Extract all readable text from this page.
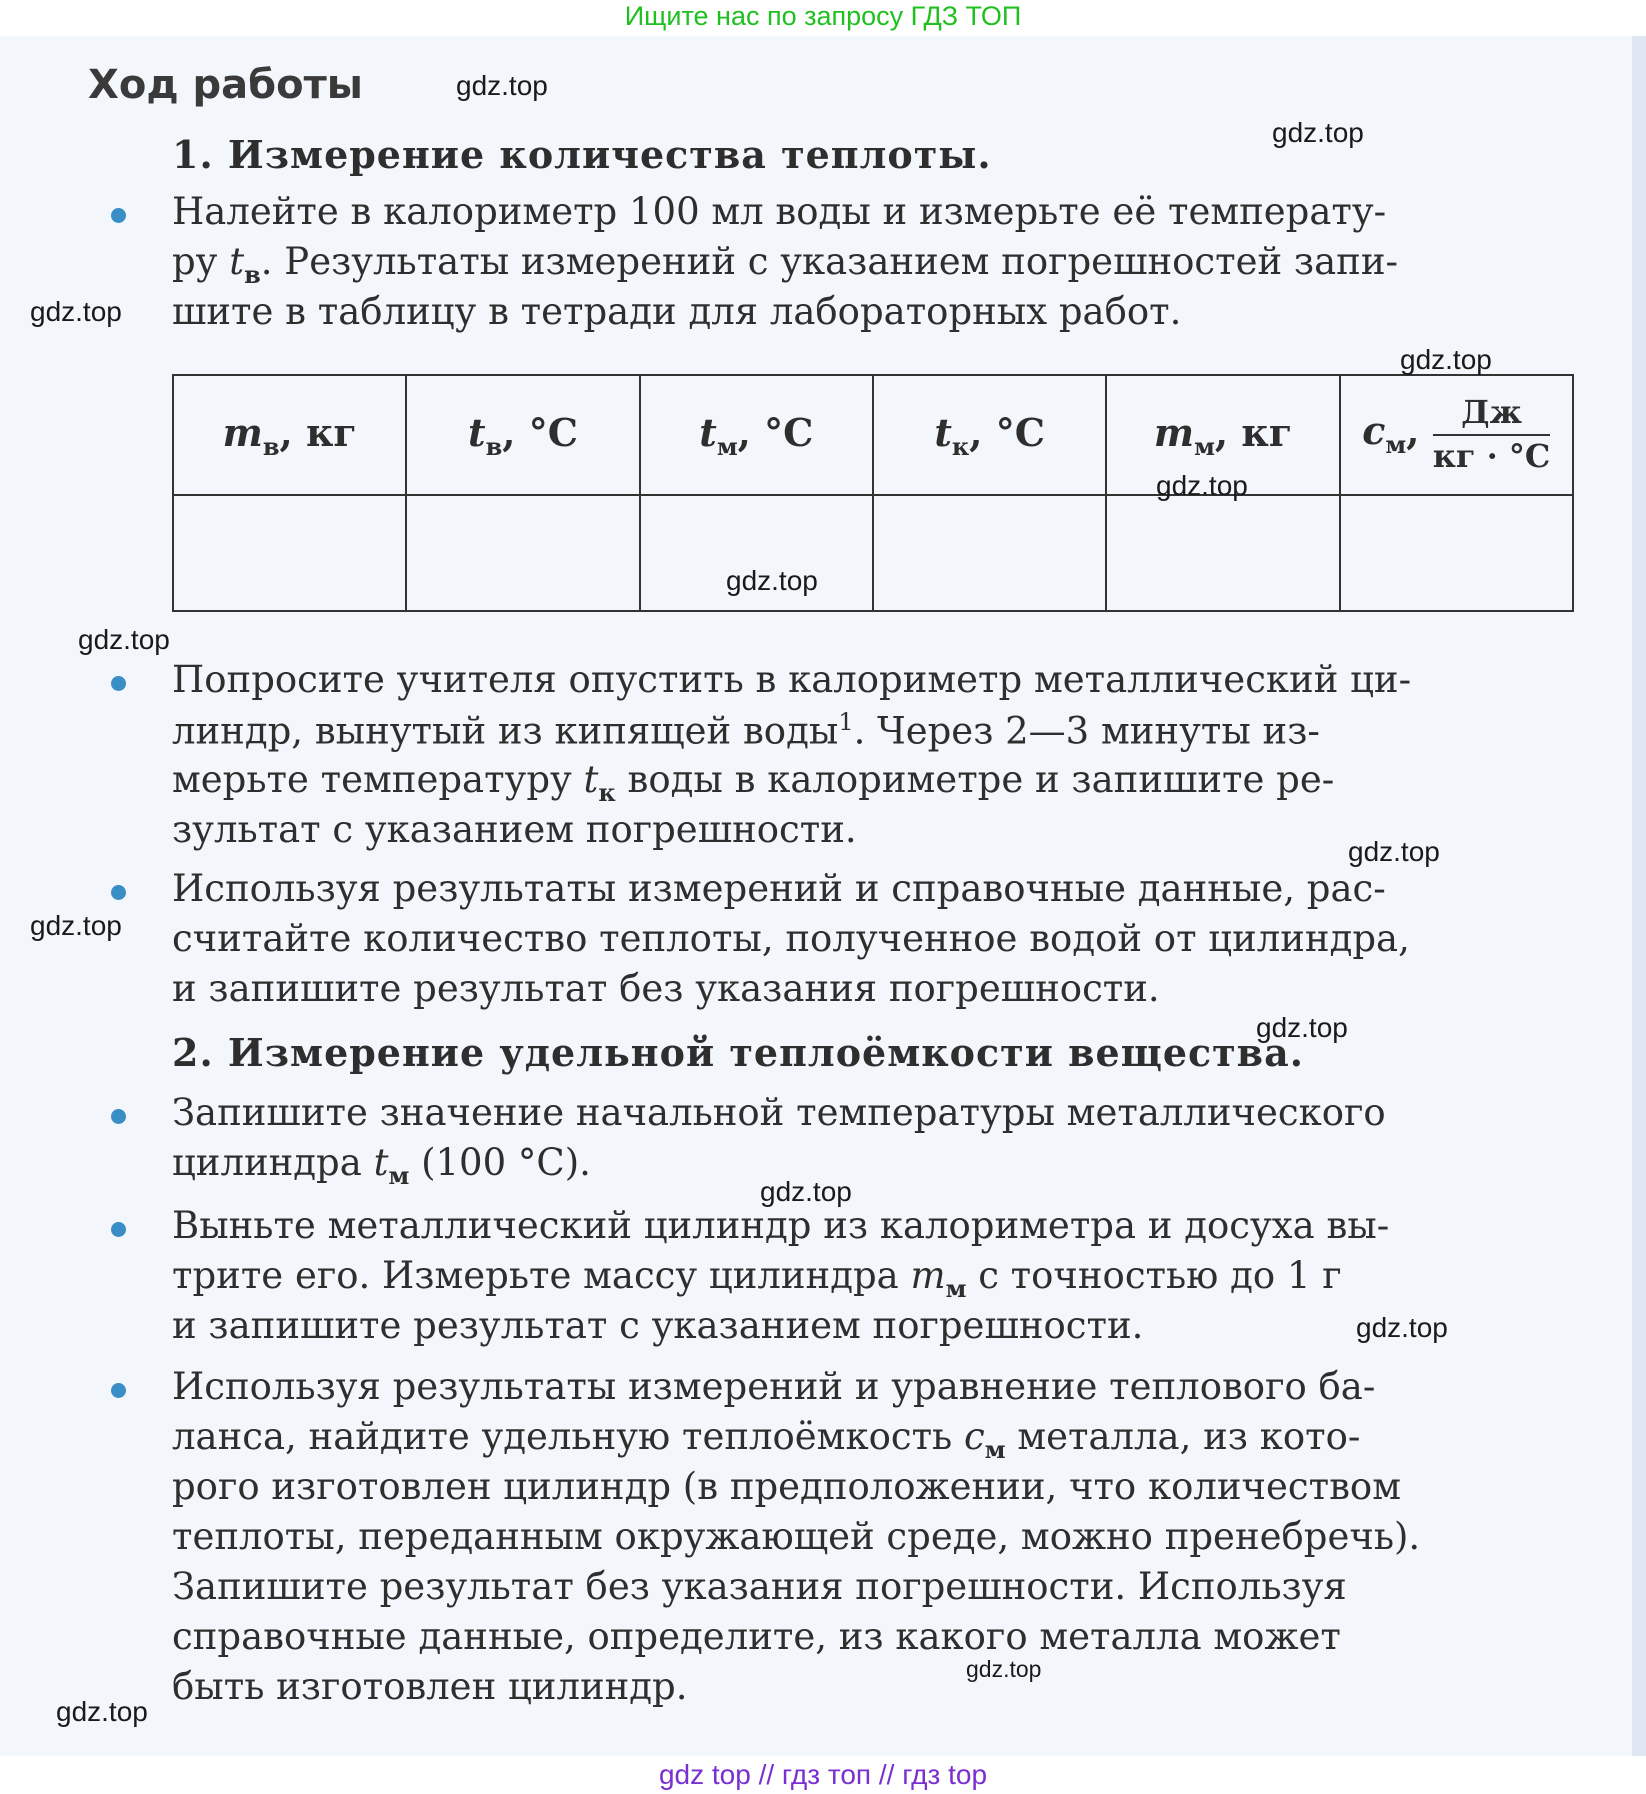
Ищите нас по запросу ГДЗ ТОП
Ход работы
1. Измерение количества теплоты.
Налейте в калориметр 100 мл воды и измерьте её температу-
ру $t_в$. Результаты измерений с указанием погрешностей запи-
шите в таблицу в тетради для лабораторных работ.
$m_в$, кг	$t_в$, °C	$t_м$, °C	$t_к$, °C	$m_м$, кг	$c_м$, $\frac{Дж}{кг \cdot ^\circ C}$

Попросите учителя опустить в калориметр металлический ци-
линдр, вынутый из кипящей воды$^1$. Через 2—3 минуты из-
мерьте температуру $t_к$ воды в калориметре и запишите ре-
зультат с указанием погрешности.
Используя результаты измерений и справочные данные, рас-
считайте количество теплоты, полученное водой от цилиндра,
и запишите результат без указания погрешности.
2. Измерение удельной теплоёмкости вещества.
Запишите значение начальной температуры металлического
цилиндра $t_м$ (100 °C).
Выньте металлический цилиндр из калориметра и досуха вы-
трите его. Измерьте массу цилиндра $m_м$ с точностью до 1 г
и запишите результат с указанием погрешности.
Используя результаты измерений и уравнение теплового ба-
ланса, найдите удельную теплоёмкость $c_м$ металла, из кото-
рого изготовлен цилиндр (в предположении, что количеством
теплоты, переданным окружающей среде, можно пренебречь).
Запишите результат без указания погрешности. Используя
справочные данные, определите, из какого металла может
быть изготовлен цилиндр.
gdz.top
gdz.top
gdz.top
gdz.top
gdz.top
gdz.top
gdz.top
gdz.top
gdz.top
gdz.top
gdz.top
gdz.top
gdz.top
gdz.top
gdz top // гдз топ // гдз top
